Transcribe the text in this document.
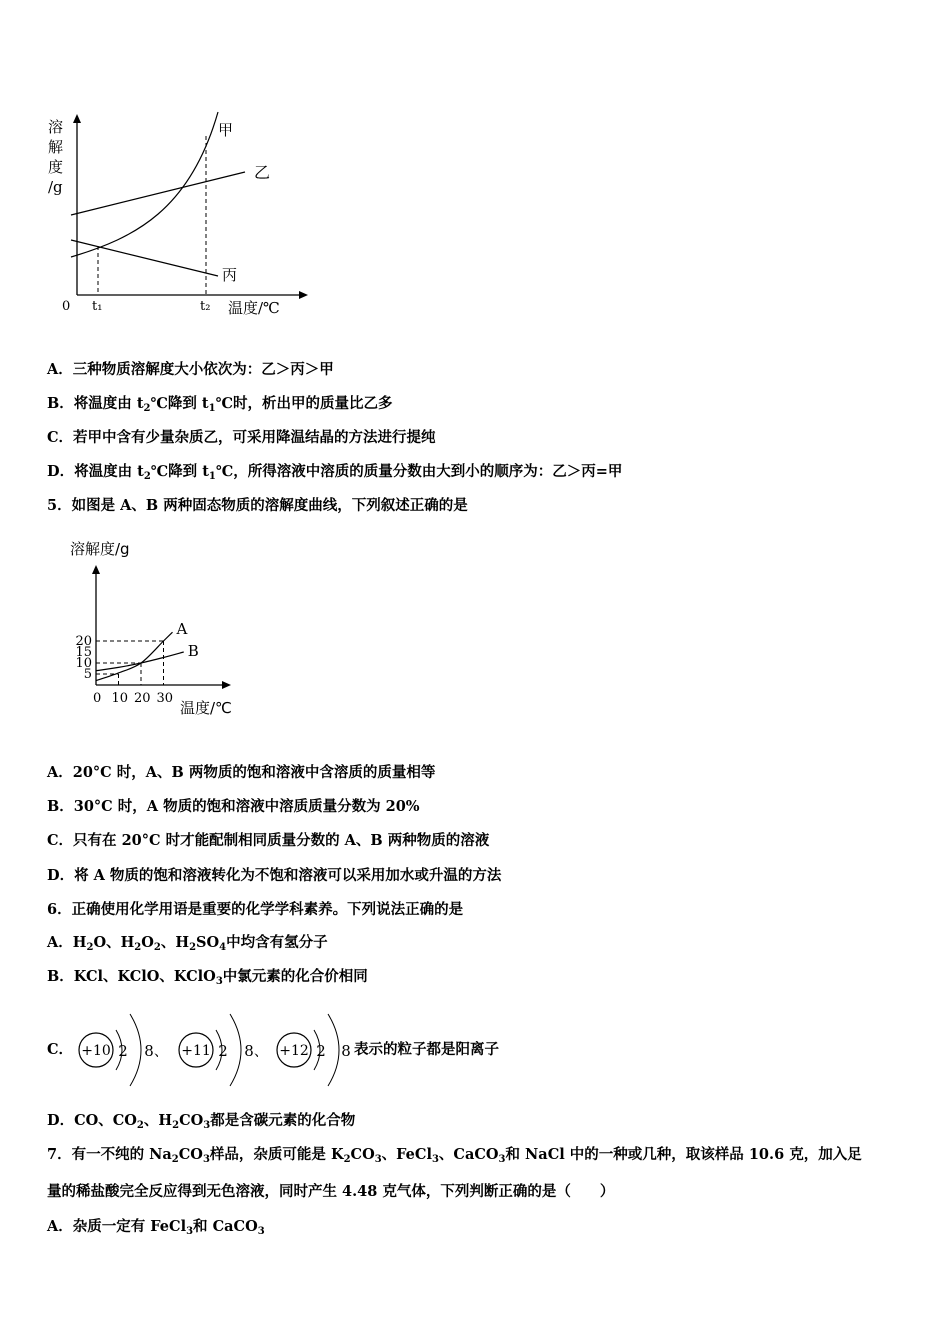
溶
解
度
/g
甲
乙
丙
0 t₁	t₂ 温度/℃
A．三种物质溶解度大小依次为：乙＞丙＞甲
B．将温度由 $t_2℃$降到 $t_1℃$时，析出甲的质量比乙多
C．若甲中含有少量杂质乙，可采用降温结晶的方法进行提纯
D．将温度由 $t_2℃$降到 $t_1℃$，所得溶液中溶质的质量分数由大到小的顺序为：乙＞丙=甲
5．如图是 A、B 两种固态物质的溶解度曲线，下列叙述正确的是
溶解度/g
0 10 20 30
5
10
15
20
A
B
温度/℃
A．20°C 时，A、B 两物质的饱和溶液中含溶质的质量相等
B．30°C 时，A 物质的饱和溶液中溶质质量分数为 20%
C．只有在 20°C 时才能配制相同质量分数的 A、B 两种物质的溶液
D．将 A 物质的饱和溶液转化为不饱和溶液可以采用加水或升温的方法
6．正确使用化学用语是重要的化学学科素养。下列说法正确的是
A．$H_2O$、$H_2O_2$、$H_2SO_4$中均含有氢分子
B．KCl、KClO、KClO$_3$中氯元素的化合价相同
C． +10 2 8 、 +11 2 8 、 +12 2 8 表示的粒子都是阳离子
D．CO、$CO_2$、$H_2CO_3$都是含碳元素的化合物
7．有一不纯的 $Na_2CO_3$样品，杂质可能是 $K_2CO_3$、FeCl$_3$、CaCO$_3$和 NaCl 中的一种或几种，取该样品 10.6 克，加入足
量的稀盐酸完全反应得到无色溶液，同时产生 4.48 克气体，下列判断正确的是（　　）
A．杂质一定有 FeCl$_3$和 CaCO$_3$
